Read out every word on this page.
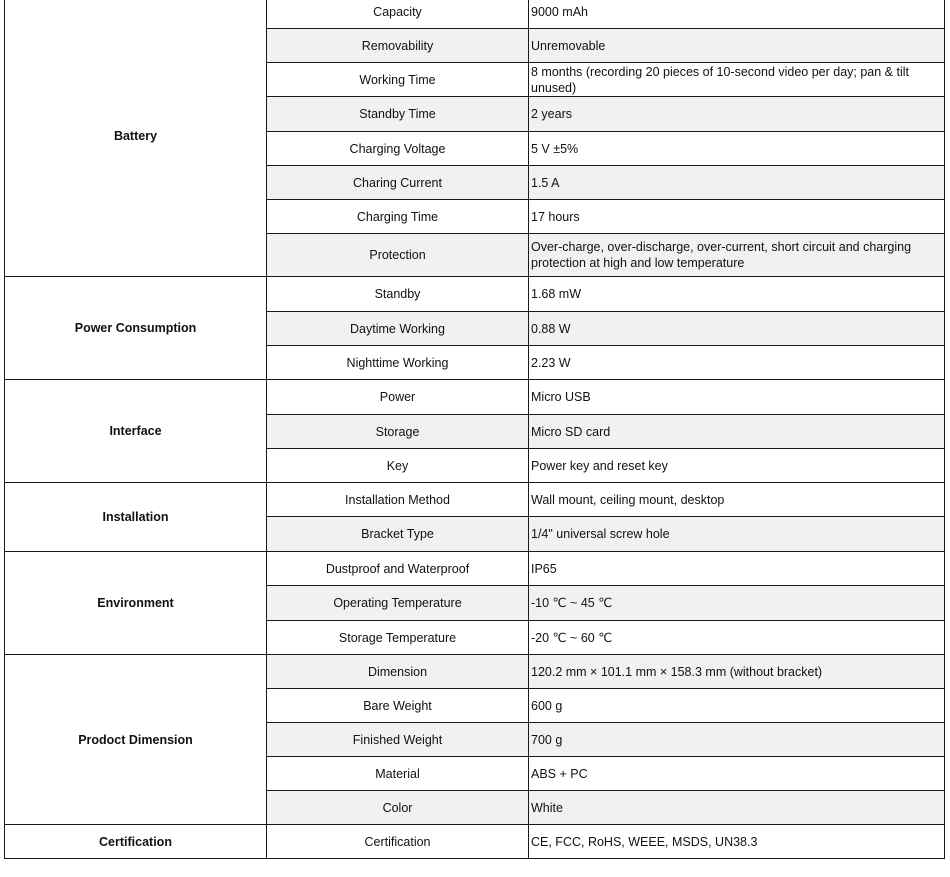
Battery	Capacity	9000 mAh
	Removability	Unremovable
	Working Time	8 months (recording 20 pieces of 10-second video per day; pan & tilt unused)
	Standby Time	2 years
	Charging Voltage	5 V ±5%
	Charing Current	1.5 A
	Charging Time	17 hours
	Protection	Over-charge, over-discharge, over-current, short circuit and charging protection at high and low temperature
Power Consumption	Standby	1.68 mW
	Daytime Working	0.88 W
	Nighttime Working	2.23 W
Interface	Power	Micro USB
	Storage	Micro SD card
	Key	Power key and reset key
Installation	Installation Method	Wall mount, ceiling mount, desktop
	Bracket Type	1/4" universal screw hole
Environment	Dustproof and Waterproof	IP65
	Operating Temperature	-10 ℃ ~ 45 ℃
	Storage Temperature	-20 ℃ ~ 60 ℃
Prodoct Dimension	Dimension	120.2 mm × 101.1 mm × 158.3 mm (without bracket)
	Bare Weight	600 g
	Finished Weight	700 g
	Material	ABS + PC
	Color	White
Certification	Certification	CE, FCC, RoHS, WEEE, MSDS, UN38.3
